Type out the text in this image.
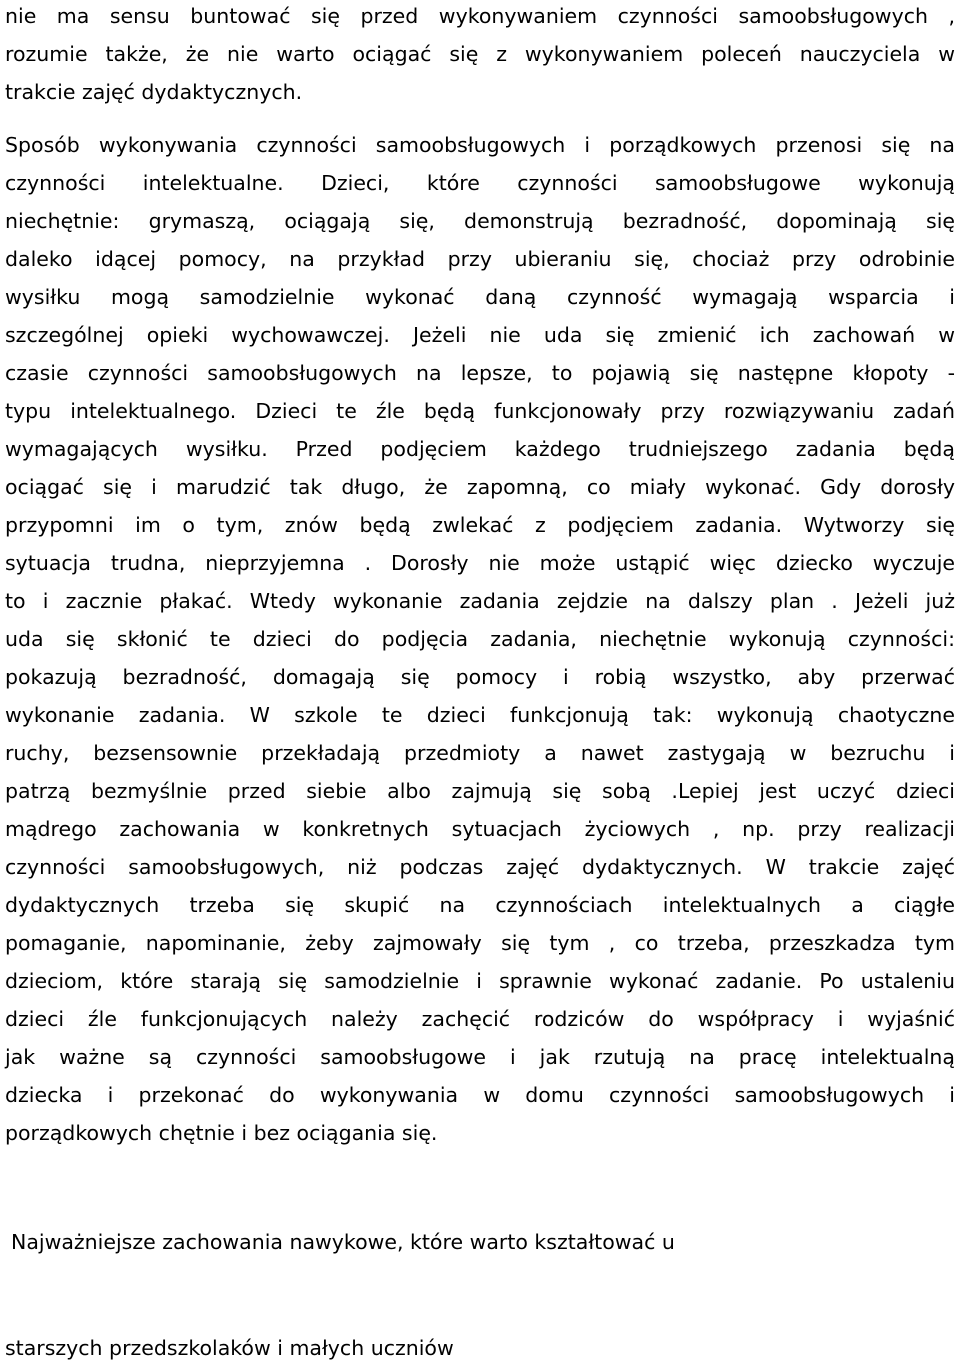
nie ma sensu buntować się przed wykonywaniem czynności samoobsługowych ,
rozumie także, że nie warto ociągać się z wykonywaniem poleceń nauczyciela w
trakcie zajęć dydaktycznych.
Sposób wykonywania czynności samoobsługowych i porządkowych przenosi się na
czynności intelektualne. Dzieci, które czynności samoobsługowe wykonują
niechętnie: grymaszą, ociągają się, demonstrują bezradność, dopominają się
daleko idącej pomocy, na przykład przy ubieraniu się, chociaż przy odrobinie
wysiłku mogą samodzielnie wykonać daną czynność wymagają wsparcia i
szczególnej opieki wychowawczej. Jeżeli nie uda się zmienić ich zachowań w
czasie czynności samoobsługowych na lepsze, to pojawią się następne kłopoty -
typu intelektualnego. Dzieci te źle będą funkcjonowały przy rozwiązywaniu zadań
wymagających wysiłku. Przed podjęciem każdego trudniejszego zadania będą
ociągać się i marudzić tak długo, że zapomną, co miały wykonać. Gdy dorosły
przypomni im o tym, znów będą zwlekać z podjęciem zadania. Wytworzy się
sytuacja trudna, nieprzyjemna . Dorosły nie może ustąpić więc dziecko wyczuje
to i zacznie płakać. Wtedy wykonanie zadania zejdzie na dalszy plan . Jeżeli już
uda się skłonić te dzieci do podjęcia zadania, niechętnie wykonują czynności:
pokazują bezradność, domagają się pomocy i robią wszystko, aby przerwać
wykonanie zadania. W szkole te dzieci funkcjonują tak: wykonują chaotyczne
ruchy, bezsensownie przekładają przedmioty a nawet zastygają w bezruchu i
patrzą bezmyślnie przed siebie albo zajmują się sobą .Lepiej jest uczyć dzieci
mądrego zachowania w konkretnych sytuacjach życiowych , np. przy realizacji
czynności samoobsługowych, niż podczas zajęć dydaktycznych. W trakcie zajęć
dydaktycznych trzeba się skupić na czynnościach intelektualnych a ciągłe
pomaganie, napominanie, żeby zajmowały się tym , co trzeba, przeszkadza tym
dzieciom, które starają się samodzielnie i sprawnie wykonać zadanie. Po ustaleniu
dzieci źle funkcjonujących należy zachęcić rodziców do współpracy i wyjaśnić
jak ważne są czynności samoobsługowe i jak rzutują na pracę intelektualną
dziecka i przekonać do wykonywania w domu czynności samoobsługowych i
porządkowych chętnie i bez ociągania się.
Najważniejsze zachowania nawykowe, które warto kształtować u
starszych przedszkolaków i małych uczniów
